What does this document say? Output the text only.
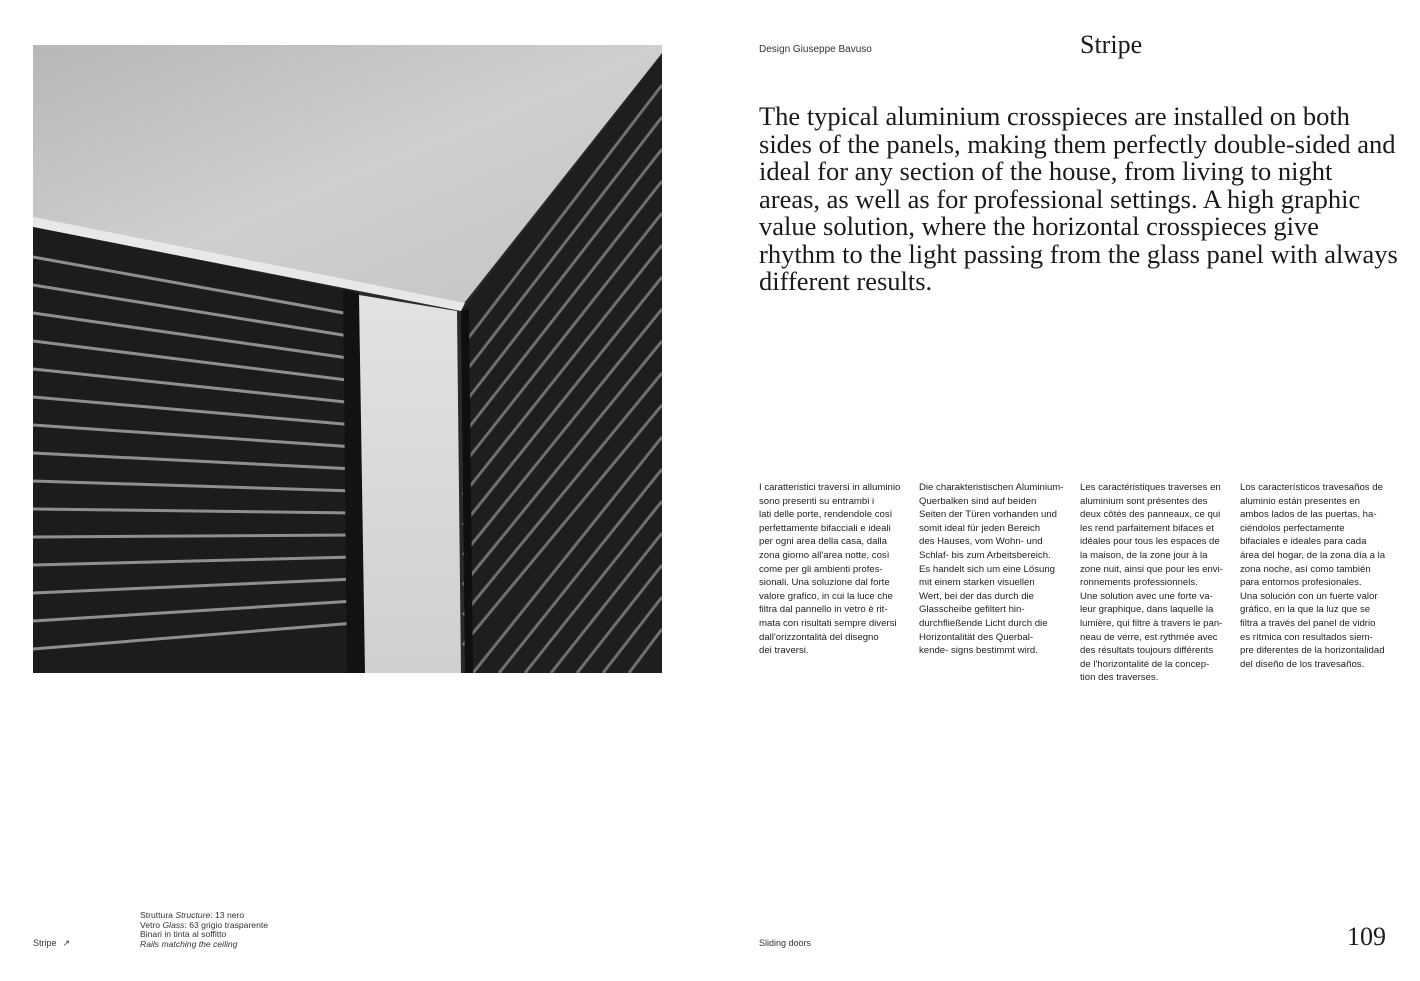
Design Giuseppe Bavuso	Stripe

The typical aluminium crosspieces are installed on both sides of the panels, making them perfectly double-sided and ideal for any section of the house, from living to night areas, as well as for professional settings. A high graphic value solution, where the horizontal crosspieces give rhythm to the light passing from the glass panel with always different results.

I caratteristici traversi in alluminio
sono presenti su entrambi i
lati delle porte, rendendole così
perfettamente bifacciali e ideali
per ogni area della casa, dalla
zona giorno all'area notte, così
come per gli ambienti profes-
sionali. Una soluzione dal forte
valore grafico, in cui la luce che
filtra dal pannello in vetro è rit-
mata con risultati sempre diversi
dall'orizzontalità del disegno
dei traversi.

Die charakteristischen Aluminium-
Querbalken sind auf beiden
Seiten der Türen vorhanden und
somit ideal für jeden Bereich
des Hauses, vom Wohn- und
Schlaf- bis zum Arbeitsbereich.
Es handelt sich um eine Lösung
mit einem starken visuellen
Wert, bei der das durch die
Glasscheibe gefiltert hin-
durchfließende Licht durch die
Horizontalität des Querbal-
kende- signs bestimmt wird.

Les caractéristiques traverses en
aluminium sont présentes des
deux côtés des panneaux, ce qui
les rend parfaitement bifaces et
idéales pour tous les espaces de
la maison, de la zone jour à la
zone nuit, ainsi que pour les envi-
ronnements professionnels.
Une solution avec une forte va-
leur graphique, dans laquelle la
lumière, qui filtre à travers le pan-
neau de verre, est rythmée avec
des résultats toujours différents
de l'horizontalité de la concep-
tion des traverses.

Los característicos travesaños de
aluminio están presentes en
ambos lados de las puertas, ha-
ciéndolos perfectamente
bifaciales e ideales para cada
área del hogar, de la zona día a la
zona noche, así como también
para entornos profesionales.
Una solución con un fuerte valor
gráfico, en la que la luz que se
filtra a través del panel de vidrio
es rítmica con resultados siem-
pre diferentes de la horizontalidad
del diseño de los travesaños.

Struttura Structure: 13 nero
Vetro Glass: 63 grigio trasparente
Binari in tinta al soffitto
Rails matching the ceiling
Stripe ↗	Sliding doors	109
